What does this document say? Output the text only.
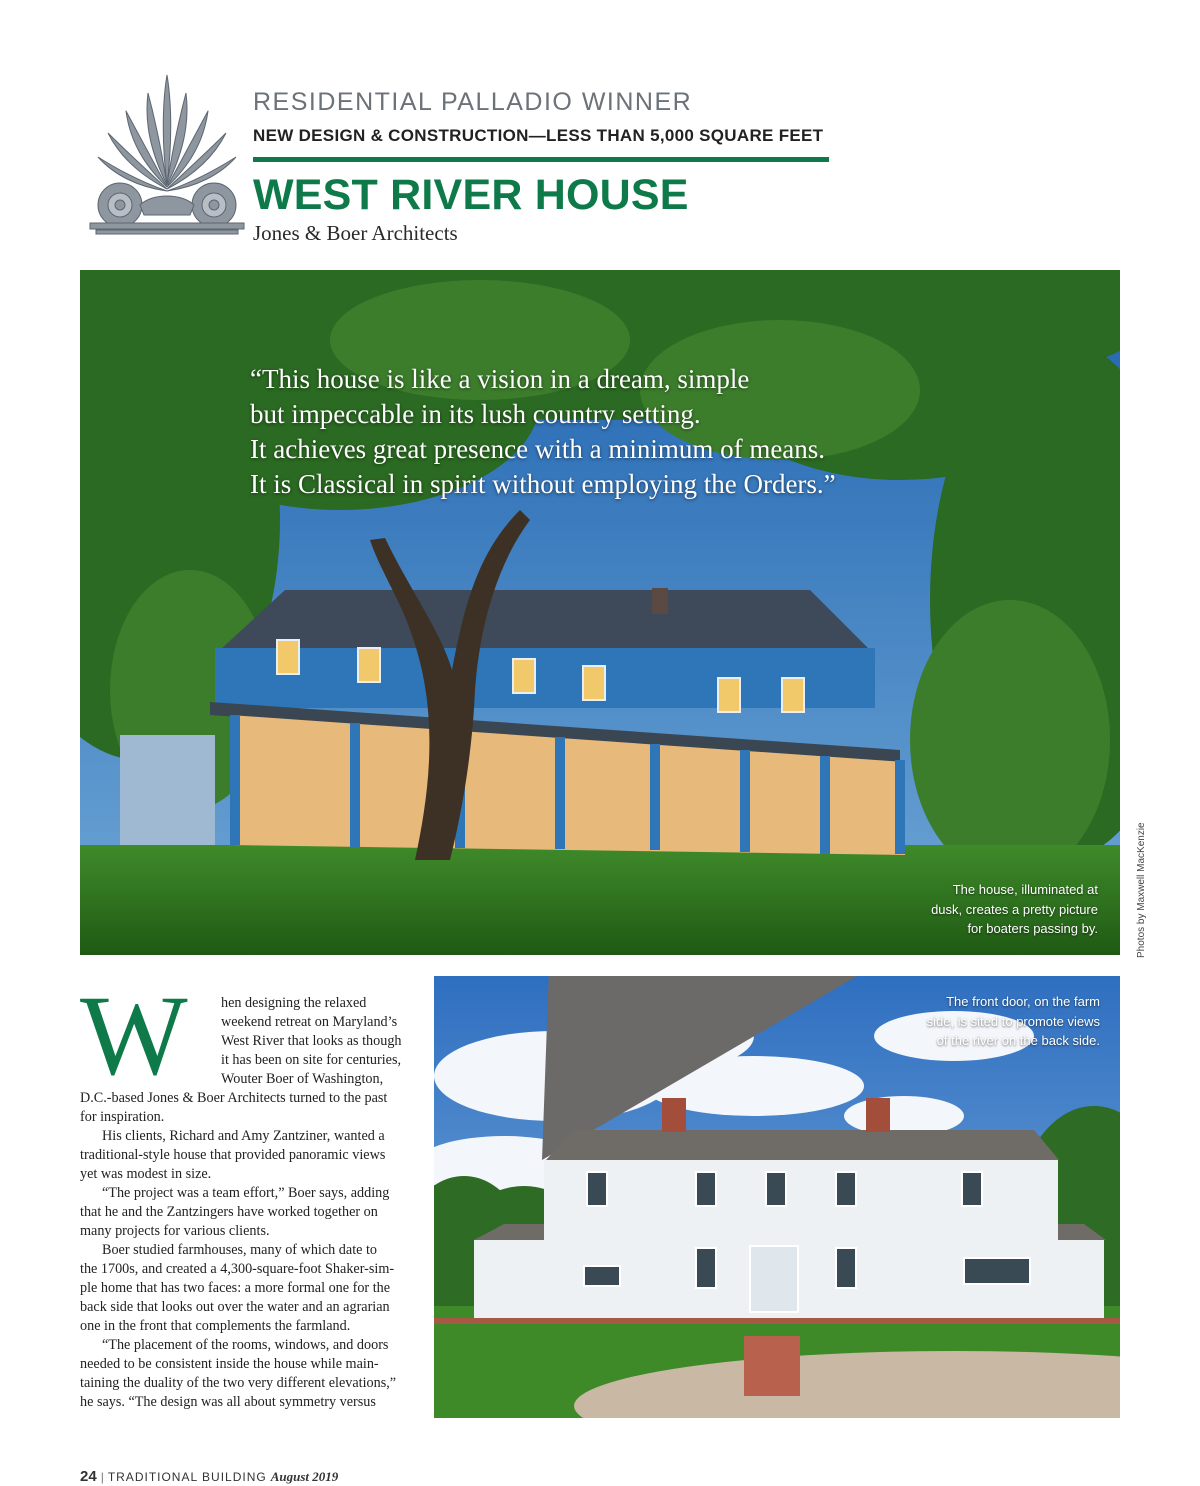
RESIDENTIAL PALLADIO WINNER
NEW DESIGN & CONSTRUCTION—LESS THAN 5,000 SQUARE FEET
WEST RIVER HOUSE
Jones & Boer Architects
“This house is like a vision in a dream, simple
but impeccable in its lush country setting.
It achieves great presence with a minimum of means.
It is Classical in spirit without employing the Orders.”
The house, illuminated at
dusk, creates a pretty picture
for boaters passing by.	Photos by Maxwell MacKenzie
The front door, on the farm
side, is sited to promote views
of the river on the back side.
W hen designing the relaxed
weekend retreat on Maryland’s
West River that looks as though
it has been on site for centuries,
Wouter Boer of Washington,
D.C.-based Jones & Boer Architects turned to the past
for inspiration.
His clients, Richard and Amy Zantziner, wanted a
traditional-style house that provided panoramic views
yet was modest in size.
“The project was a team effort,” Boer says, adding
that he and the Zantzingers have worked together on
many projects for various clients.
Boer studied farmhouses, many of which date to
the 1700s, and created a 4,300-square-foot Shaker-sim-
ple home that has two faces: a more formal one for the
back side that looks out over the water and an agrarian
one in the front that complements the farmland.
“The placement of the rooms, windows, and doors
needed to be consistent inside the house while main-
taining the duality of the two very different elevations,”
he says. “The design was all about symmetry versus
24 | TRADITIONAL BUILDING August 2019
